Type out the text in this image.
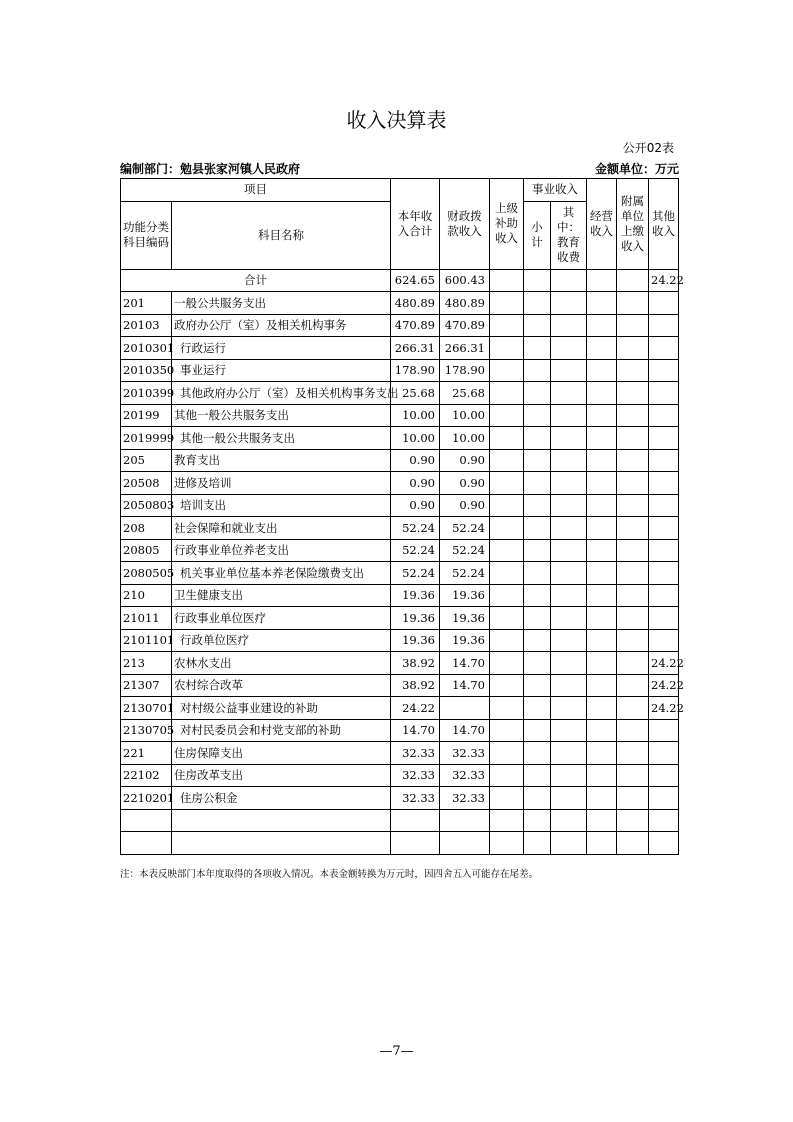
收入决算表
公开02表
编制部门：勉县张家河镇人民政府	金额单位：万元
项目		本年收入合计	财政拨款收入	上级补助收入	事业收入		经营收入	附属单位上缴收入	其他收入
功能分类科目编码	科目名称				小计	其中：教育收费			
合计		624.65	600.43						24.22
201	一般公共服务支出	480.89	480.89						
20103	政府办公厅（室）及相关机构事务	470.89	470.89						
2010301	行政运行	266.31	266.31						
2010350	事业运行	178.90	178.90						
2010399	其他政府办公厅（室）及相关机构事务支出	25.68	25.68						
20199	其他一般公共服务支出	10.00	10.00						
2019999	其他一般公共服务支出	10.00	10.00						
205	教育支出	0.90	0.90						
20508	进修及培训	0.90	0.90						
2050803	培训支出	0.90	0.90						
208	社会保障和就业支出	52.24	52.24						
20805	行政事业单位养老支出	52.24	52.24						
2080505	机关事业单位基本养老保险缴费支出	52.24	52.24						
210	卫生健康支出	19.36	19.36						
21011	行政事业单位医疗	19.36	19.36						
2101101	行政单位医疗	19.36	19.36						
213	农林水支出	38.92	14.70						24.22
21307	农村综合改革	38.92	14.70						24.22
2130701	对村级公益事业建设的补助	24.22							24.22
2130705	对村民委员会和村党支部的补助	14.70	14.70						
221	住房保障支出	32.33	32.33						
22102	住房改革支出	32.33	32.33						
2210201	住房公积金	32.33	32.33						

注：本表反映部门本年度取得的各项收入情况。本表金额转换为万元时，因四舍五入可能存在尾差。
—7—
